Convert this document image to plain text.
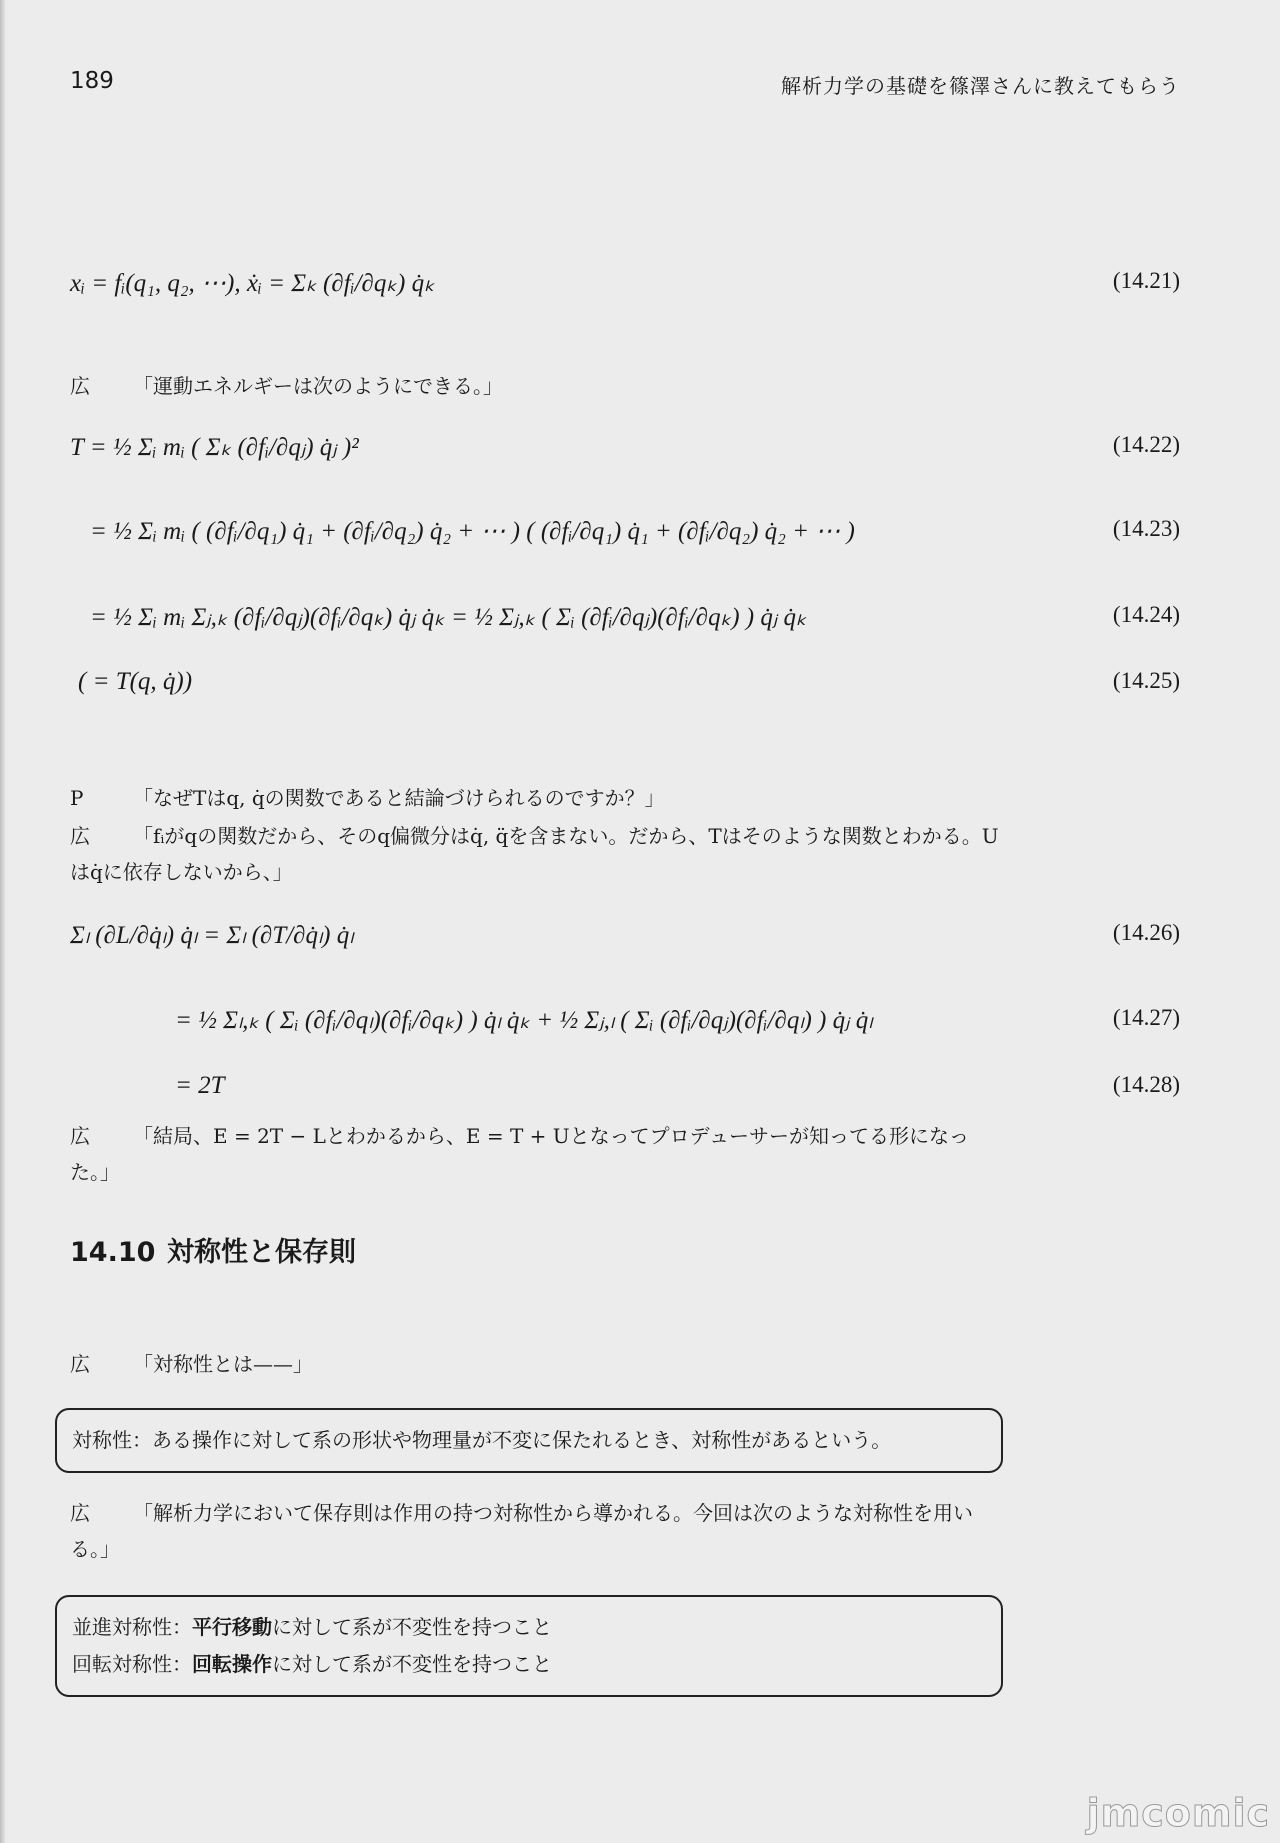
189	解析力学の基礎を篠澤さんに教えてもらう
xᵢ = fᵢ(q₁, q₂, ⋯), ẋᵢ = Σₖ (∂fᵢ/∂qₖ) q̇ₖ	(14.21)
広 「運動エネルギーは次のようにできる。」
T = ½ Σᵢ mᵢ ( Σₖ (∂fᵢ/∂qⱼ) q̇ⱼ )²	(14.22)
= ½ Σᵢ mᵢ ( (∂fᵢ/∂q₁) q̇₁ + (∂fᵢ/∂q₂) q̇₂ + ⋯ ) ( (∂fᵢ/∂q₁) q̇₁ + (∂fᵢ/∂q₂) q̇₂ + ⋯ )	(14.23)
= ½ Σᵢ mᵢ Σⱼ,ₖ (∂fᵢ/∂qⱼ)(∂fᵢ/∂qₖ) q̇ⱼ q̇ₖ = ½ Σⱼ,ₖ ( Σᵢ (∂fᵢ/∂qⱼ)(∂fᵢ/∂qₖ) ) q̇ⱼ q̇ₖ	(14.24)
( = T(q, q̇))	(14.25)
P 「なぜTはq, q̇の関数であると結論づけられるのですか？」
広 「fᵢがqの関数だから、そのq偏微分はq̇, q̈を含まない。だから、Tはそのような関数とわかる。Uはq̇に依存しないから、」
Σₗ (∂L/∂q̇ₗ) q̇ₗ = Σₗ (∂T/∂q̇ₗ) q̇ₗ	(14.26)
= ½ Σₗ,ₖ ( Σᵢ (∂fᵢ/∂qₗ)(∂fᵢ/∂qₖ) ) q̇ₗ q̇ₖ + ½ Σⱼ,ₗ ( Σᵢ (∂fᵢ/∂qⱼ)(∂fᵢ/∂qₗ) ) q̇ⱼ q̇ₗ	(14.27)
= 2T	(14.28)
広 「結局、E = 2T − Lとわかるから、E = T + Uとなってプロデューサーが知ってる形になった。」
14.10 対称性と保存則
広 「対称性とは——」
対称性：ある操作に対して系の形状や物理量が不変に保たれるとき、対称性があるという。
広 「解析力学において保存則は作用の持つ対称性から導かれる。今回は次のような対称性を用いる。」
並進対称性：平行移動に対して系が不変性を持つこと
回転対称性：回転操作に対して系が不変性を持つこと
jmcomic
